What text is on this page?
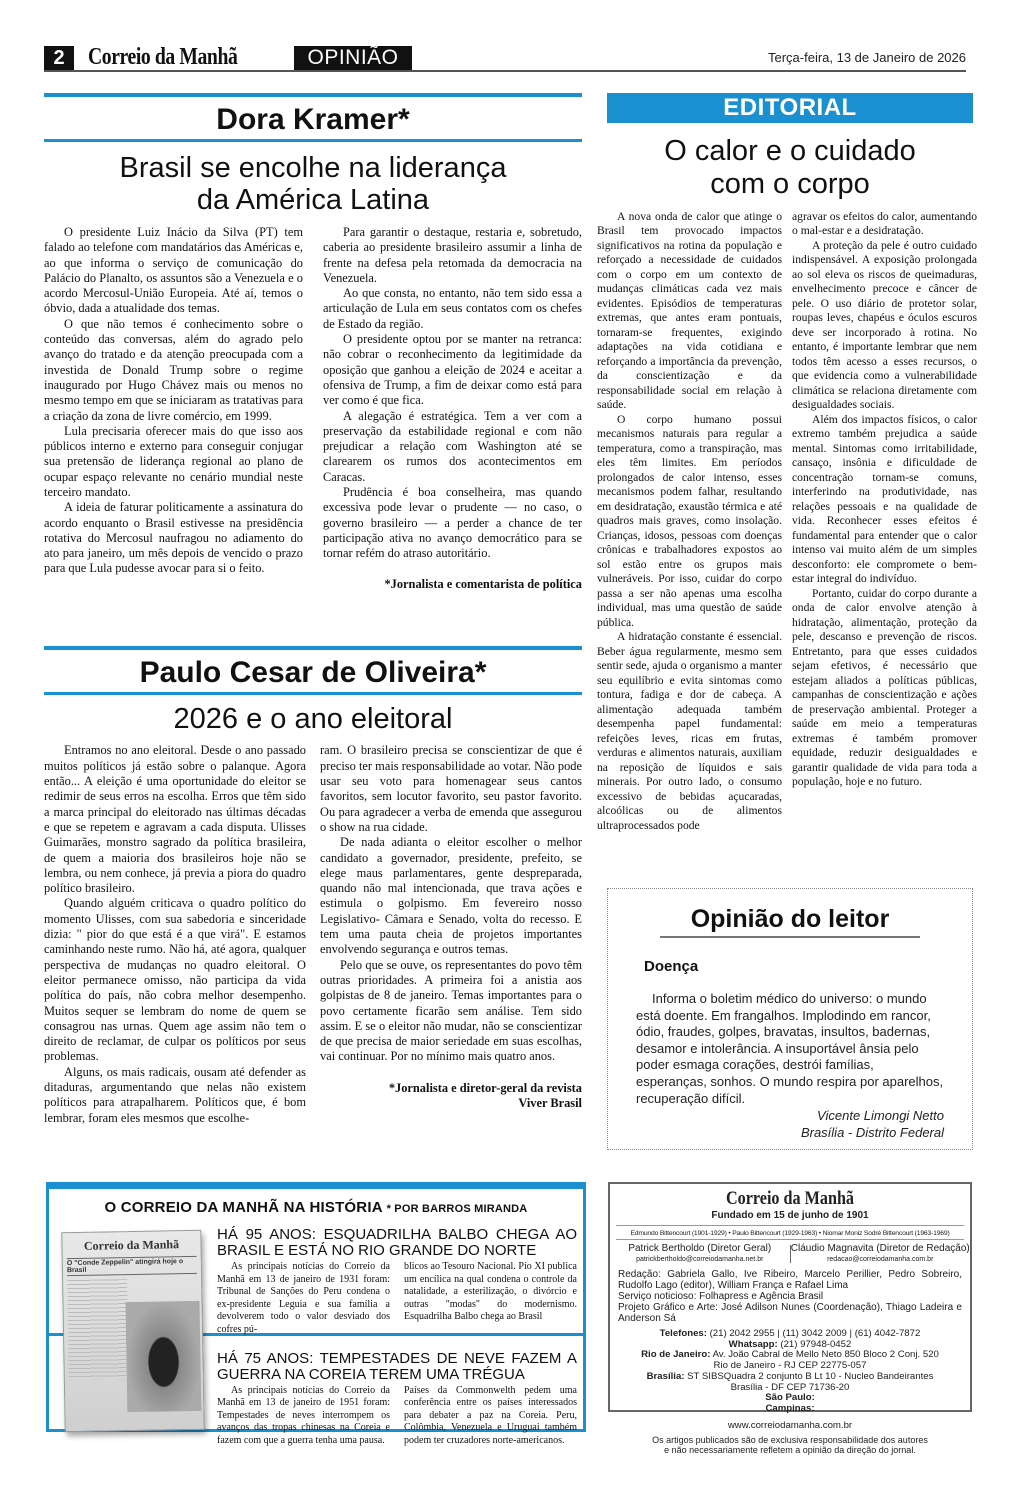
2 Correio da Manhã	OPINIÃO	Terça-feira, 13 de Janeiro de 2026
Dora Kramer*
Brasil se encolhe na liderança
da América Latina

O presidente Luiz Inácio da Silva (PT) tem falado ao telefone com mandatários das Américas e, ao que informa o serviço de comunicação do Palácio do Planalto, os assuntos são a Venezuela e o acordo Mercosul-União Europeia. Até aí, temos o óbvio, dada a atualidade dos temas.

O que não temos é conhecimento sobre o conteúdo das conversas, além do agrado pelo avanço do tratado e da atenção preocupada com a investida de Donald Trump sobre o regime inaugurado por Hugo Chávez mais ou menos no mesmo tempo em que se iniciaram as tratativas para a criação da zona de livre comércio, em 1999.

Lula precisaria oferecer mais do que isso aos públicos interno e externo para conseguir conjugar sua pretensão de liderança regional ao plano de ocupar espaço relevante no cenário mundial neste terceiro mandato.

A ideia de faturar politicamente a assinatura do acordo enquanto o Brasil estivesse na presidência rotativa do Mercosul naufragou no adiamento do ato para janeiro, um mês depois de vencido o prazo para que Lula pudesse avocar para si o feito.

Para garantir o destaque, restaria e, sobretudo, caberia ao presidente brasileiro assumir a linha de frente na defesa pela retomada da democracia na Venezuela.

Ao que consta, no entanto, não tem sido essa a articulação de Lula em seus contatos com os chefes de Estado da região.

O presidente optou por se manter na retranca: não cobrar o reconhecimento da legitimidade da oposição que ganhou a eleição de 2024 e aceitar a ofensiva de Trump, a fim de deixar como está para ver como é que fica.

A alegação é estratégica. Tem a ver com a preservação da estabilidade regional e com não prejudicar a relação com Washington até se clarearem os rumos dos acontecimentos em Caracas.

Prudência é boa conselheira, mas quando excessiva pode levar o prudente — no caso, o governo brasileiro — a perder a chance de ter participação ativa no avanço democrático para se tornar refém do atraso autoritário.

*Jornalista e comentarista de política
Paulo Cesar de Oliveira*
2026 e o ano eleitoral

Entramos no ano eleitoral. Desde o ano passado muitos políticos já estão sobre o palanque. Agora então... A eleição é uma oportunidade do eleitor se redimir de seus erros na escolha. Erros que têm sido a marca principal do eleitorado nas últimas décadas e que se repetem e agravam a cada disputa. Ulisses Guimarães, monstro sagrado da política brasileira, de quem a maioria dos brasileiros hoje não se lembra, ou nem conhece, já previa a piora do quadro político brasileiro.

Quando alguém criticava o quadro político do momento Ulisses, com sua sabedoria e sinceridade dizia: " pior do que está é a que virá". E estamos caminhando neste rumo. Não há, até agora, qualquer perspectiva de mudanças no quadro eleitoral. O eleitor permanece omisso, não participa da vida política do país, não cobra melhor desempenho. Muitos sequer se lembram do nome de quem se consagrou nas urnas. Quem age assim não tem o direito de reclamar, de culpar os políticos por seus problemas.

Alguns, os mais radicais, ousam até defender as ditaduras, argumentando que nelas não existem políticos para atrapalharem. Políticos que, é bom lembrar, foram eles mesmos que escolhe-

ram. O brasileiro precisa se conscientizar de que é preciso ter mais responsabilidade ao votar. Não pode usar seu voto para homenagear seus cantos favoritos, sem locutor favorito, seu pastor favorito. Ou para agradecer a verba de emenda que assegurou o show na rua cidade.

De nada adianta o eleitor escolher o melhor candidato a governador, presidente, prefeito, se elege maus parlamentares, gente despreparada, quando não mal intencionada, que trava ações e estimula o golpismo. Em fevereiro nosso Legislativo- Câmara e Senado, volta do recesso. E tem uma pauta cheia de projetos importantes envolvendo segurança e outros temas.

Pelo que se ouve, os representantes do povo têm outras prioridades. A primeira foi a anistia aos golpistas de 8 de janeiro. Temas importantes para o povo certamente ficarão sem análise. Tem sido assim. E se o eleitor não mudar, não se conscientizar de que precisa de maior seriedade em suas escolhas, vai continuar. Por no mínimo mais quatro anos.

*Jornalista e diretor-geral da revista
Viver Brasil
EDITORIAL
O calor e o cuidado
com o corpo

A nova onda de calor que atinge o Brasil tem provocado impactos significativos na rotina da população e reforçado a necessidade de cuidados com o corpo em um contexto de mudanças climáticas cada vez mais evidentes. Episódios de temperaturas extremas, que antes eram pontuais, tornaram-se frequentes, exigindo adaptações na vida cotidiana e reforçando a importância da prevenção, da conscientização e da responsabilidade social em relação à saúde.

O corpo humano possui mecanismos naturais para regular a temperatura, como a transpiração, mas eles têm limites. Em períodos prolongados de calor intenso, esses mecanismos podem falhar, resultando em desidratação, exaustão térmica e até quadros mais graves, como insolação. Crianças, idosos, pessoas com doenças crônicas e trabalhadores expostos ao sol estão entre os grupos mais vulneráveis. Por isso, cuidar do corpo passa a ser não apenas uma escolha individual, mas uma questão de saúde pública.

A hidratação constante é essencial. Beber água regularmente, mesmo sem sentir sede, ajuda o organismo a manter seu equilíbrio e evita sintomas como tontura, fadiga e dor de cabeça. A alimentação adequada também desempenha papel fundamental: refeições leves, ricas em frutas, verduras e alimentos naturais, auxiliam na reposição de líquidos e sais minerais. Por outro lado, o consumo excessivo de bebidas açucaradas, alcoólicas ou de alimentos ultraprocessados pode

agravar os efeitos do calor, aumentando o mal-estar e a desidratação.

A proteção da pele é outro cuidado indispensável. A exposição prolongada ao sol eleva os riscos de queimaduras, envelhecimento precoce e câncer de pele. O uso diário de protetor solar, roupas leves, chapéus e óculos escuros deve ser incorporado à rotina. No entanto, é importante lembrar que nem todos têm acesso a esses recursos, o que evidencia como a vulnerabilidade climática se relaciona diretamente com desigualdades sociais.

Além dos impactos físicos, o calor extremo também prejudica a saúde mental. Sintomas como irritabilidade, cansaço, insônia e dificuldade de concentração tornam-se comuns, interferindo na produtividade, nas relações pessoais e na qualidade de vida. Reconhecer esses efeitos é fundamental para entender que o calor intenso vai muito além de um simples desconforto: ele compromete o bem-estar integral do indivíduo.

Portanto, cuidar do corpo durante a onda de calor envolve atenção à hidratação, alimentação, proteção da pele, descanso e prevenção de riscos. Entretanto, para que esses cuidados sejam efetivos, é necessário que estejam aliados a políticas públicas, campanhas de conscientização e ações de preservação ambiental. Proteger a saúde em meio a temperaturas extremas é também promover equidade, reduzir desigualdades e garantir qualidade de vida para toda a população, hoje e no futuro.

Opinião do leitor
Doença
Informa o boletim médico do universo: o mundo está doente. Em frangalhos. Implodindo em rancor, ódio, fraudes, golpes, bravatas, insultos, badernas, desamor e intolerância. A insuportável ânsia pelo poder esmaga corações, destrói famílias, esperanças, sonhos. O mundo respira por aparelhos, recuperação difícil.
Vicente Limongi Netto
Brasília - Distrito Federal
O CORREIO DA MANHÃ NA HISTÓRIA * POR BARROS MIRANDA
Correio da Manhã
O "Conde Zeppelin" atingirá hoje o Brasil
HÁ 95 ANOS: ESQUADRILHA BALBO CHEGA AO BRASIL E ESTÁ NO RIO GRANDE DO NORTE

As principais notícias do Correio da Manhã em 13 de janeiro de 1931 foram: Tribunal de Sanções do Peru condena o ex-presidente Leguia e sua família a devolverem todo o valor desviado dos cofres pú-

blicos ao Tesouro Nacional. Pio XI publica um encílica na qual condena o controle da natalidade, a esterilização, o divórcio e outras "modas" do modernismo. Esquadrilha Balbo chega ao Brasil

HÁ 75 ANOS: TEMPESTADES DE NEVE FAZEM A GUERRA NA COREIA TEREM UMA TRÉGUA

As principais notícias do Correio da Manhã em 13 de janeiro de 1951 foram: Tempestades de neves interrompem os avanços das tropas chinesas na Coreia e fazem com que a guerra tenha uma pausa.

Países da Commonwelth pedem uma conferência entre os países interessados para debater a paz na Coreia. Peru, Colômbia, Venezuela e Uruguai também podem ter cruzadores norte-americanos.

Correio da Manhã
Fundado em 15 de junho de 1901
Edmundo Bittencourt (1901-1929) • Paulo Bittencourt (1929-1963) • Niomar Moniz Sodré Bittencourt (1963-1969)
Patrick Bertholdo (Diretor Geral)
patrickbertholdo@correiodamanha.net.br
Cláudio Magnavita (Diretor de Redação)
redacao@correiodamanha.com.br
Redação: Gabriela Gallo, Ive Ribeiro, Marcelo Perillier, Pedro Sobreiro, Rudolfo Lago (editor), William França e Rafael Lima
Serviço noticioso: Folhapress e Agência Brasil
Projeto Gráfico e Arte: José Adilson Nunes (Coordenação), Thiago Ladeira e Anderson Sá
Telefones: (21) 2042 2955 | (11) 3042 2009 | (61) 4042-7872
Whatsapp: (21) 97948-0452
Rio de Janeiro: Av. João Cabral de Mello Neto 850 Bloco 2 Conj. 520
Rio de Janeiro - RJ CEP 22775-057
Brasília: ST SIBSQuadra 2 conjunto B Lt 10 - Nucleo Bandeirantes
Brasília - DF CEP 71736-20
São Paulo:
Campinas:
www.correiodamanha.com.br
Os artigos publicados são de exclusiva responsabilidade dos autores
e não necessariamente refletem a opinião da direção do jornal.
